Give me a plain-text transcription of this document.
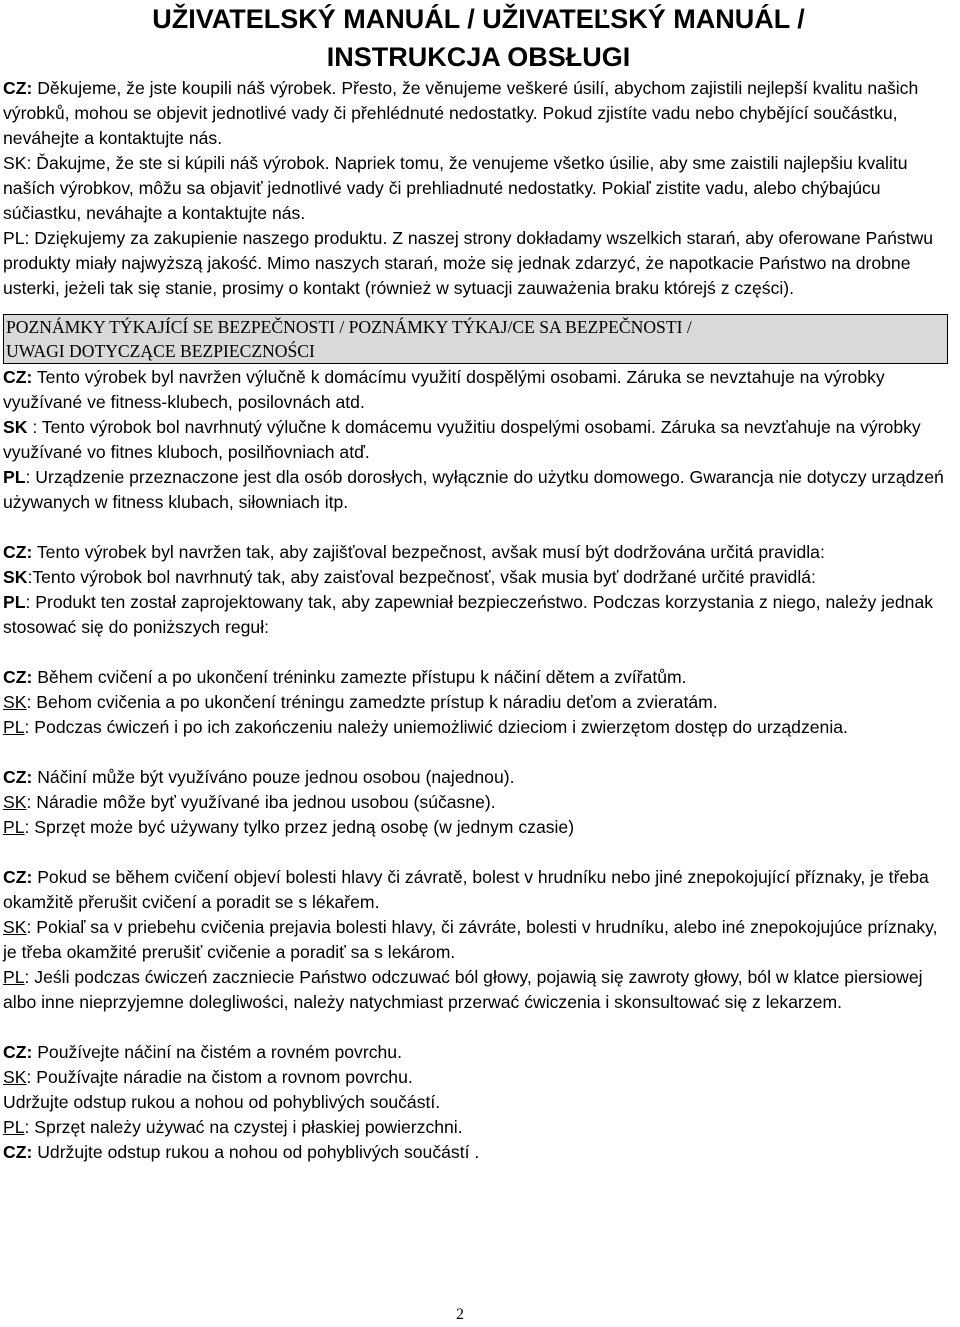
UŽIVATELSKÝ MANUÁL / UŽIVATEĽSKÝ MANUÁL /
INSTRUKCJA OBSŁUGI

CZ: Děkujeme, že jste koupili náš výrobek. Přesto, že věnujeme veškeré úsilí, abychom zajistili nejlepší kvalitu našich výrobků, mohou se objevit jednotlivé vady či přehlédnuté nedostatky. Pokud zjistíte vadu nebo chybějící součástku, neváhejte a kontaktujte nás.

SK: Ďakujme, že ste si kúpili náš výrobok. Napriek tomu, že venujeme všetko úsilie, aby sme zaistili najlepšiu kvalitu naších výrobkov, môžu sa objaviť jednotlivé vady či prehliadnuté nedostatky. Pokiaľ zistite vadu, alebo chýbajúcu súčiastku, neváhajte a kontaktujte nás.

PL: Dziękujemy za zakupienie naszego produktu. Z naszej strony dokładamy wszelkich starań, aby oferowane Państwu produkty miały najwyższą jakość. Mimo naszych starań, może się jednak zdarzyć, że napotkacie Państwo na drobne usterki, jeżeli tak się stanie, prosimy o kontakt (również w sytuacji zauważenia braku którejś z części).

POZNÁMKY TÝKAJÍCÍ SE BEZPEČNOSTI / POZNÁMKY TÝKAJ/CE SA BEZPEČNOSTI /

UWAGI DOTYCZĄCE BEZPIECZNOŚCI

CZ: Tento výrobek byl navržen výlučně k domácímu využití dospělými osobami. Záruka se nevztahuje na výrobky využívané ve fitness-klubech, posilovnách atd.

SK : Tento výrobok bol navrhnutý výlučne k domácemu využitiu dospelými osobami. Záruka sa nevzťahuje na výrobky využívané vo fitnes kluboch, posilňovniach atď.

PL: Urządzenie przeznaczone jest dla osób dorosłych, wyłącznie do użytku domowego. Gwarancja nie dotyczy urządzeń używanych w fitness klubach, siłowniach itp.

CZ: Tento výrobek byl navržen tak, aby zajišťoval bezpečnost, avšak musí být dodržována určitá pravidla:

SK:Tento výrobok bol navrhnutý tak, aby zaisťoval bezpečnosť, však musia byť dodržané určité pravidlá:

PL: Produkt ten został zaprojektowany tak, aby zapewniał bezpieczeństwo. Podczas korzystania z niego, należy jednak stosować się do poniższych reguł:

CZ: Během cvičení a po ukončení tréninku zamezte přístupu k náčiní dětem a zvířatům.

SK: Behom cvičenia a po ukončení tréningu zamedzte prístup k náradiu deťom a zvieratám.

PL: Podczas ćwiczeń i po ich zakończeniu należy uniemożliwić dzieciom i zwierzętom dostęp do urządzenia.

CZ: Náčiní může být využíváno pouze jednou osobou (najednou).

SK: Náradie môže byť využívané iba jednou usobou (súčasne).

PL: Sprzęt może być używany tylko przez jedną osobę (w jednym czasie)

CZ: Pokud se během cvičení objeví bolesti hlavy či závratě, bolest v hrudníku nebo jiné znepokojující příznaky, je třeba okamžitě přerušit cvičení a poradit se s lékařem.

SK: Pokiaľ sa v priebehu cvičenia prejavia bolesti hlavy, či závráte, bolesti v hrudníku, alebo iné znepokojujúce príznaky, je třeba okamžité prerušiť cvičenie a poradiť sa s lekárom.

PL: Jeśli podczas ćwiczeń zaczniecie Państwo odczuwać ból głowy, pojawią się zawroty głowy, ból w klatce piersiowej albo inne nieprzyjemne dolegliwości, należy natychmiast przerwać ćwiczenia i skonsultować się z lekarzem.

CZ: Používejte náčiní na čistém a rovném povrchu.

SK: Používajte náradie na čistom a rovnom povrchu.

Udržujte odstup rukou a nohou od pohyblivých součástí.

PL: Sprzęt należy używać na czystej i płaskiej powierzchni.

CZ: Udržujte odstup rukou a nohou od pohyblivých součástí .

2
